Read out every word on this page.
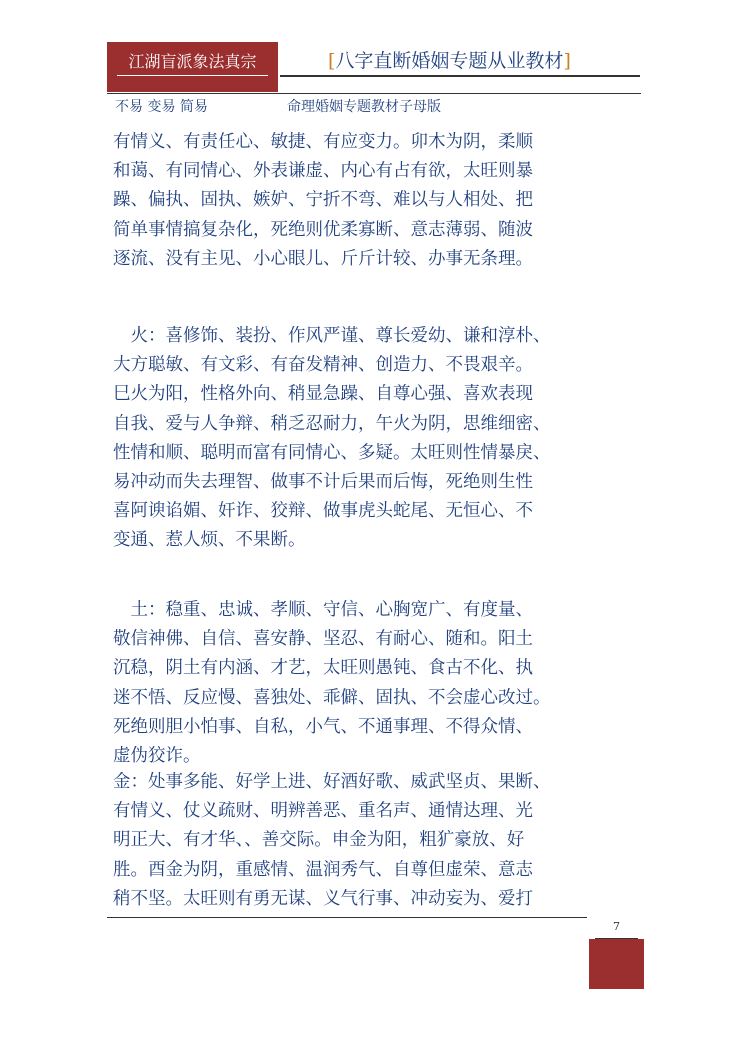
江湖盲派象法真宗	[八字直断婚姻专题从业教材]
不易 变易 简易	命理婚姻专题教材子母版

有情义、有责任心、敏捷、有应变力。卯木为阴，柔顺

和蔼、有同情心、外表谦虚、内心有占有欲，太旺则暴

躁、偏执、固执、嫉妒、宁折不弯、难以与人相处、把

简单事情搞复杂化，死绝则优柔寡断、意志薄弱、随波

逐流、没有主见、小心眼儿、斤斤计较、办事无条理。

　火：喜修饰、装扮、作风严谨、尊长爱幼、谦和淳朴、

大方聪敏、有文彩、有奋发精神、创造力、不畏艰辛。

巳火为阳，性格外向、稍显急躁、自尊心强、喜欢表现

自我、爱与人争辩、稍乏忍耐力，午火为阴，思维细密、

性情和顺、聪明而富有同情心、多疑。太旺则性情暴戾、

易冲动而失去理智、做事不计后果而后悔，死绝则生性

喜阿谀谄媚、奸诈、狡辩、做事虎头蛇尾、无恒心、不

变通、惹人烦、不果断。

　土：稳重、忠诚、孝顺、守信、心胸宽广、有度量、

敬信神佛、自信、喜安静、坚忍、有耐心、随和。阳土

沉稳，阴土有内涵、才艺，太旺则愚钝、食古不化、执

迷不悟、反应慢、喜独处、乖僻、固执、不会虚心改过。

死绝则胆小怕事、自私，小气、不通事理、不得众情、

虚伪狡诈。

金：处事多能、好学上进、好酒好歌、威武坚贞、果断、

有情义、仗义疏财、明辨善恶、重名声、通情达理、光

明正大、有才华、、善交际。申金为阳，粗犷豪放、好

胜。酉金为阴，重感情、温润秀气、自尊但虚荣、意志

稍不坚。太旺则有勇无谋、义气行事、冲动妄为、爱打

7
